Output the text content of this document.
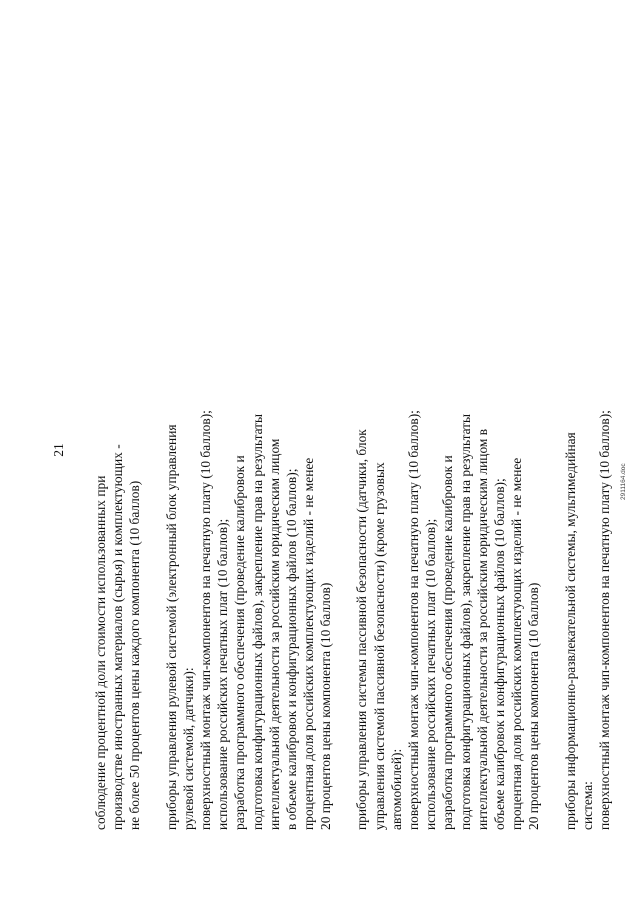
21
соблюдение процентной доли стоимости использованных при производстве иностранных материалов (сырья) и комплектующих - не более 50 процентов цены каждого компонента (10 баллов) приборы управления рулевой системой (электронный блок управления рулевой системой, датчики): поверхностный монтаж чип-компонентов на печатную плату (10 баллов); использование российских печатных плат (10 баллов); разработка программного обеспечения (проведение калибровок и подготовка конфигурационных файлов), закрепление прав на результаты интеллектуальной деятельности за российским юридическим лицом в объеме калибровок и конфигурационных файлов (10 баллов); процентная доля российских комплектующих изделий - не менее 20 процентов цены компонента (10 баллов) приборы управления системы пассивной безопасности (датчики, блок управления системой пассивной безопасности) (кроме грузовых автомобилей): поверхностный монтаж чип-компонентов на печатную плату (10 баллов); использование российских печатных плат (10 баллов); разработка программного обеспечения (проведение калибровок и подготовка конфигурационных файлов), закрепление прав на результаты интеллектуальной деятельности за российским юридическим лицом в объеме калибровок и конфигурационных файлов (10 баллов); процентная доля российских комплектующих изделий - не менее 20 процентов цены компонента (10 баллов) приборы информационно-развлекательной системы, мультимедийная система: поверхностный монтаж чип-компонентов на печатную плату (10 баллов); 2911164.doc
